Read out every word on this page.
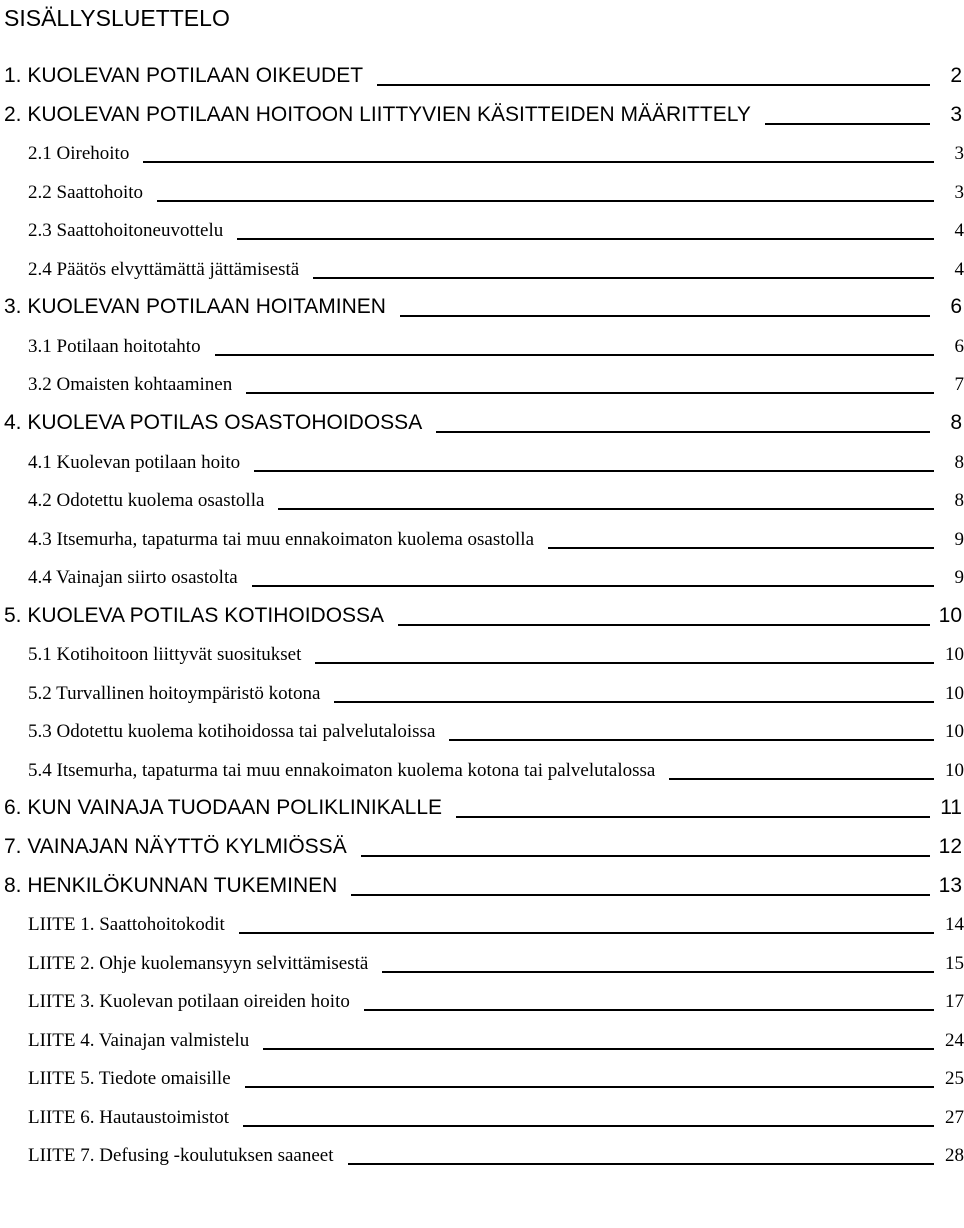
SISÄLLYSLUETTELO
1. KUOLEVAN POTILAAN OIKEUDET	2
2. KUOLEVAN POTILAAN HOITOON LIITTYVIEN KÄSITTEIDEN MÄÄRITTELY	3
2.1 Oirehoito	3
2.2 Saattohoito	3
2.3 Saattohoitoneuvottelu	4
2.4 Päätös elvyttämättä jättämisestä	4
3. KUOLEVAN POTILAAN HOITAMINEN	6
3.1 Potilaan hoitotahto	6
3.2 Omaisten kohtaaminen	7
4. KUOLEVA POTILAS OSASTOHOIDOSSA	8
4.1 Kuolevan potilaan hoito	8
4.2 Odotettu kuolema osastolla	8
4.3 Itsemurha, tapaturma tai muu ennakoimaton kuolema osastolla	9
4.4 Vainajan siirto osastolta	9
5. KUOLEVA POTILAS KOTIHOIDOSSA	10
5.1 Kotihoitoon liittyvät suositukset	10
5.2 Turvallinen hoitoympäristö kotona	10
5.3 Odotettu kuolema kotihoidossa tai palvelutaloissa	10
5.4 Itsemurha, tapaturma tai muu ennakoimaton kuolema kotona tai palvelutalossa	10
6. KUN VAINAJA TUODAAN POLIKLINIKALLE	11
7. VAINAJAN NÄYTTÖ KYLMIÖSSÄ	12
8. HENKILÖKUNNAN TUKEMINEN	13
LIITE 1. Saattohoitokodit	14
LIITE 2. Ohje kuolemansyyn selvittämisestä	15
LIITE 3. Kuolevan potilaan oireiden hoito	17
LIITE 4. Vainajan valmistelu	24
LIITE 5. Tiedote omaisille	25
LIITE 6. Hautaustoimistot	27
LIITE 7. Defusing -koulutuksen saaneet	28
